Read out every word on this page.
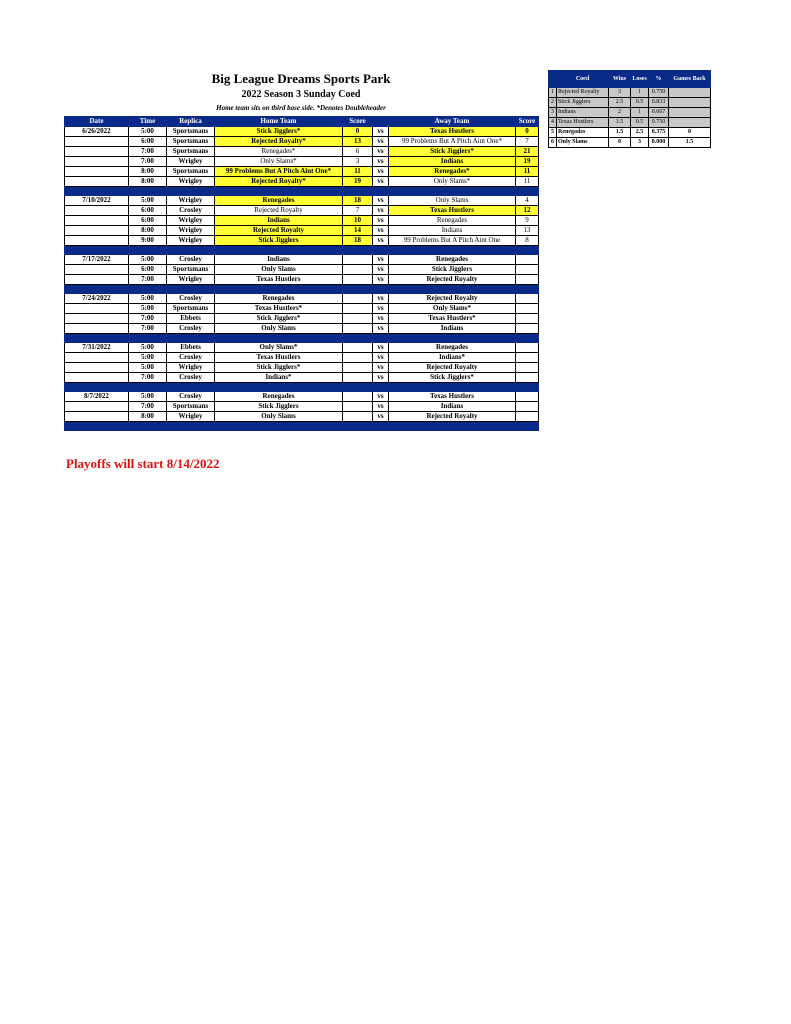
Big League Dreams Sports Park
2022 Season 3 Sunday Coed
Home team sits on third base side. *Denotes Doubleheader
Date	Time	Replica	Home Team	Score		Away Team	Score
6/26/2022	5:00	Sportsmans	Stick Jigglers*	0	vs	Texas Hustlers	0
	6:00	Sportsmans	Rejected Royalty*	13	vs	99 Problems But A Pitch Aint One*	7
	7:00	Sportsmans	Renegades*	6	vs	Stick Jigglers*	21
	7:00	Wrigley	Only Slams*	3	vs	Indians	19
	8:00	Sportsmans	99 Problems But A Pitch Aint One*	11	vs	Renegades*	11
	8:00	Wrigley	Rejected Royalty*	19	vs	Only Slams*	11

7/10/2022	5:00	Wrigley	Renegades	18	vs	Only Slams	4
	6:00	Crosley	Rejected Royalty	7	vs	Texas Hustlers	12
	6:00	Wrigley	Indians	10	vs	Renegades	9
	8:00	Wrigley	Rejected Royalty	14	vs	Indians	13
	9:00	Wrigley	Stick Jigglers	18	vs	99 Problems But A Pitch Aint One	8

7/17/2022	5:00	Crosley	Indians		vs	Renegades	
	6:00	Sportsmans	Only Slams		vs	Stick Jigglers	
	7:00	Wrigley	Texas Hustlers		vs	Rejected Royalty	

7/24/2022	5:00	Crosley	Renegades		vs	Rejected Royalty	
	5:00	Sportsmans	Texas Hustlers*		vs	Only Slams*	
	7:00	Ebbets	Stick Jigglers*		vs	Texas Hustlers*	
	7:00	Crosley	Only Slams		vs	Indians	

7/31/2022	5:00	Ebbets	Only Slams*		vs	Renegades	
	5:00	Crosley	Texas Hustlers		vs	Indians*	
	5:00	Wrigley	Stick Jigglers*		vs	Rejected Royalty	
	7:00	Crosley	Indians*		vs	Stick Jigglers*	

8/7/2022	5:00	Crosley	Renegades		vs	Texas Hustlers	
	7:00	Sportsmans	Stick Jigglers		vs	Indians	
	8:00	Wrigley	Only Slams		vs	Rejected Royalty	

Playoffs will start 8/14/2022
	Coed	Wins	Loses	%	Games Back
1	Rejected Royalty	3	1	0.750	
2	Stick Jigglers	2.5	0.5	0.833	
3	Indians	2	1	0.667	
4	Texas Hustlers	1.5	0.5	0.750	
5	Renegades	1.5	2.5	0.375	0
6	Only Slams	0	3	0.000	1.5
